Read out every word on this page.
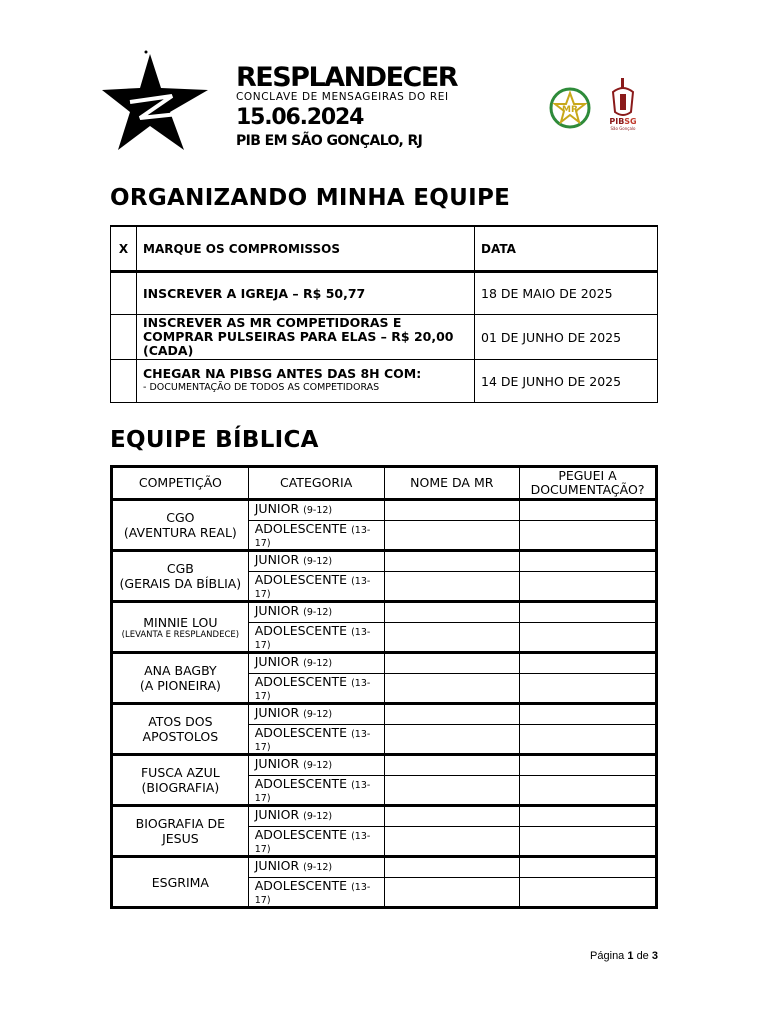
RESPLANDECER
CONCLAVE DE MENSAGEIRAS DO REI
15.06.2024
PIB EM SÃO GONÇALO, RJ
MR
PIBSG
São Gonçalo
ORGANIZANDO MINHA EQUIPE
X	MARQUE OS COMPROMISSOS	DATA
	INSCREVER A IGREJA – R$ 50,77	18 DE MAIO DE 2025
	INSCREVER AS MR COMPETIDORAS E COMPRAR PULSEIRAS PARA ELAS – R$ 20,00 (CADA)	01 DE JUNHO DE 2025
	CHEGAR NA PIBSG ANTES DAS 8H COM:
- DOCUMENTAÇÃO DE TODOS AS COMPETIDORAS	14 DE JUNHO DE 2025
EQUIPE BÍBLICA
COMPETIÇÃO	CATEGORIA	NOME DA MR	PEGUEI A DOCUMENTAÇÃO?
CGO
(AVENTURA REAL)	JUNIOR (9-12)		
	ADOLESCENTE (13-17)		
CGB
(GERAIS DA BÍBLIA)	JUNIOR (9-12)		
	ADOLESCENTE (13-17)		
MINNIE LOU
(LEVANTA E RESPLANDECE)	JUNIOR (9-12)		
	ADOLESCENTE (13-17)		
ANA BAGBY
(A PIONEIRA)	JUNIOR (9-12)		
	ADOLESCENTE (13-17)		
ATOS DOS APOSTOLOS	JUNIOR (9-12)		
	ADOLESCENTE (13-17)		
FUSCA AZUL
(BIOGRAFIA)	JUNIOR (9-12)		
	ADOLESCENTE (13-17)		
BIOGRAFIA DE JESUS	JUNIOR (9-12)		
	ADOLESCENTE (13-17)		
ESGRIMA	JUNIOR (9-12)		
	ADOLESCENTE (13-17)		
Página 1 de 3
